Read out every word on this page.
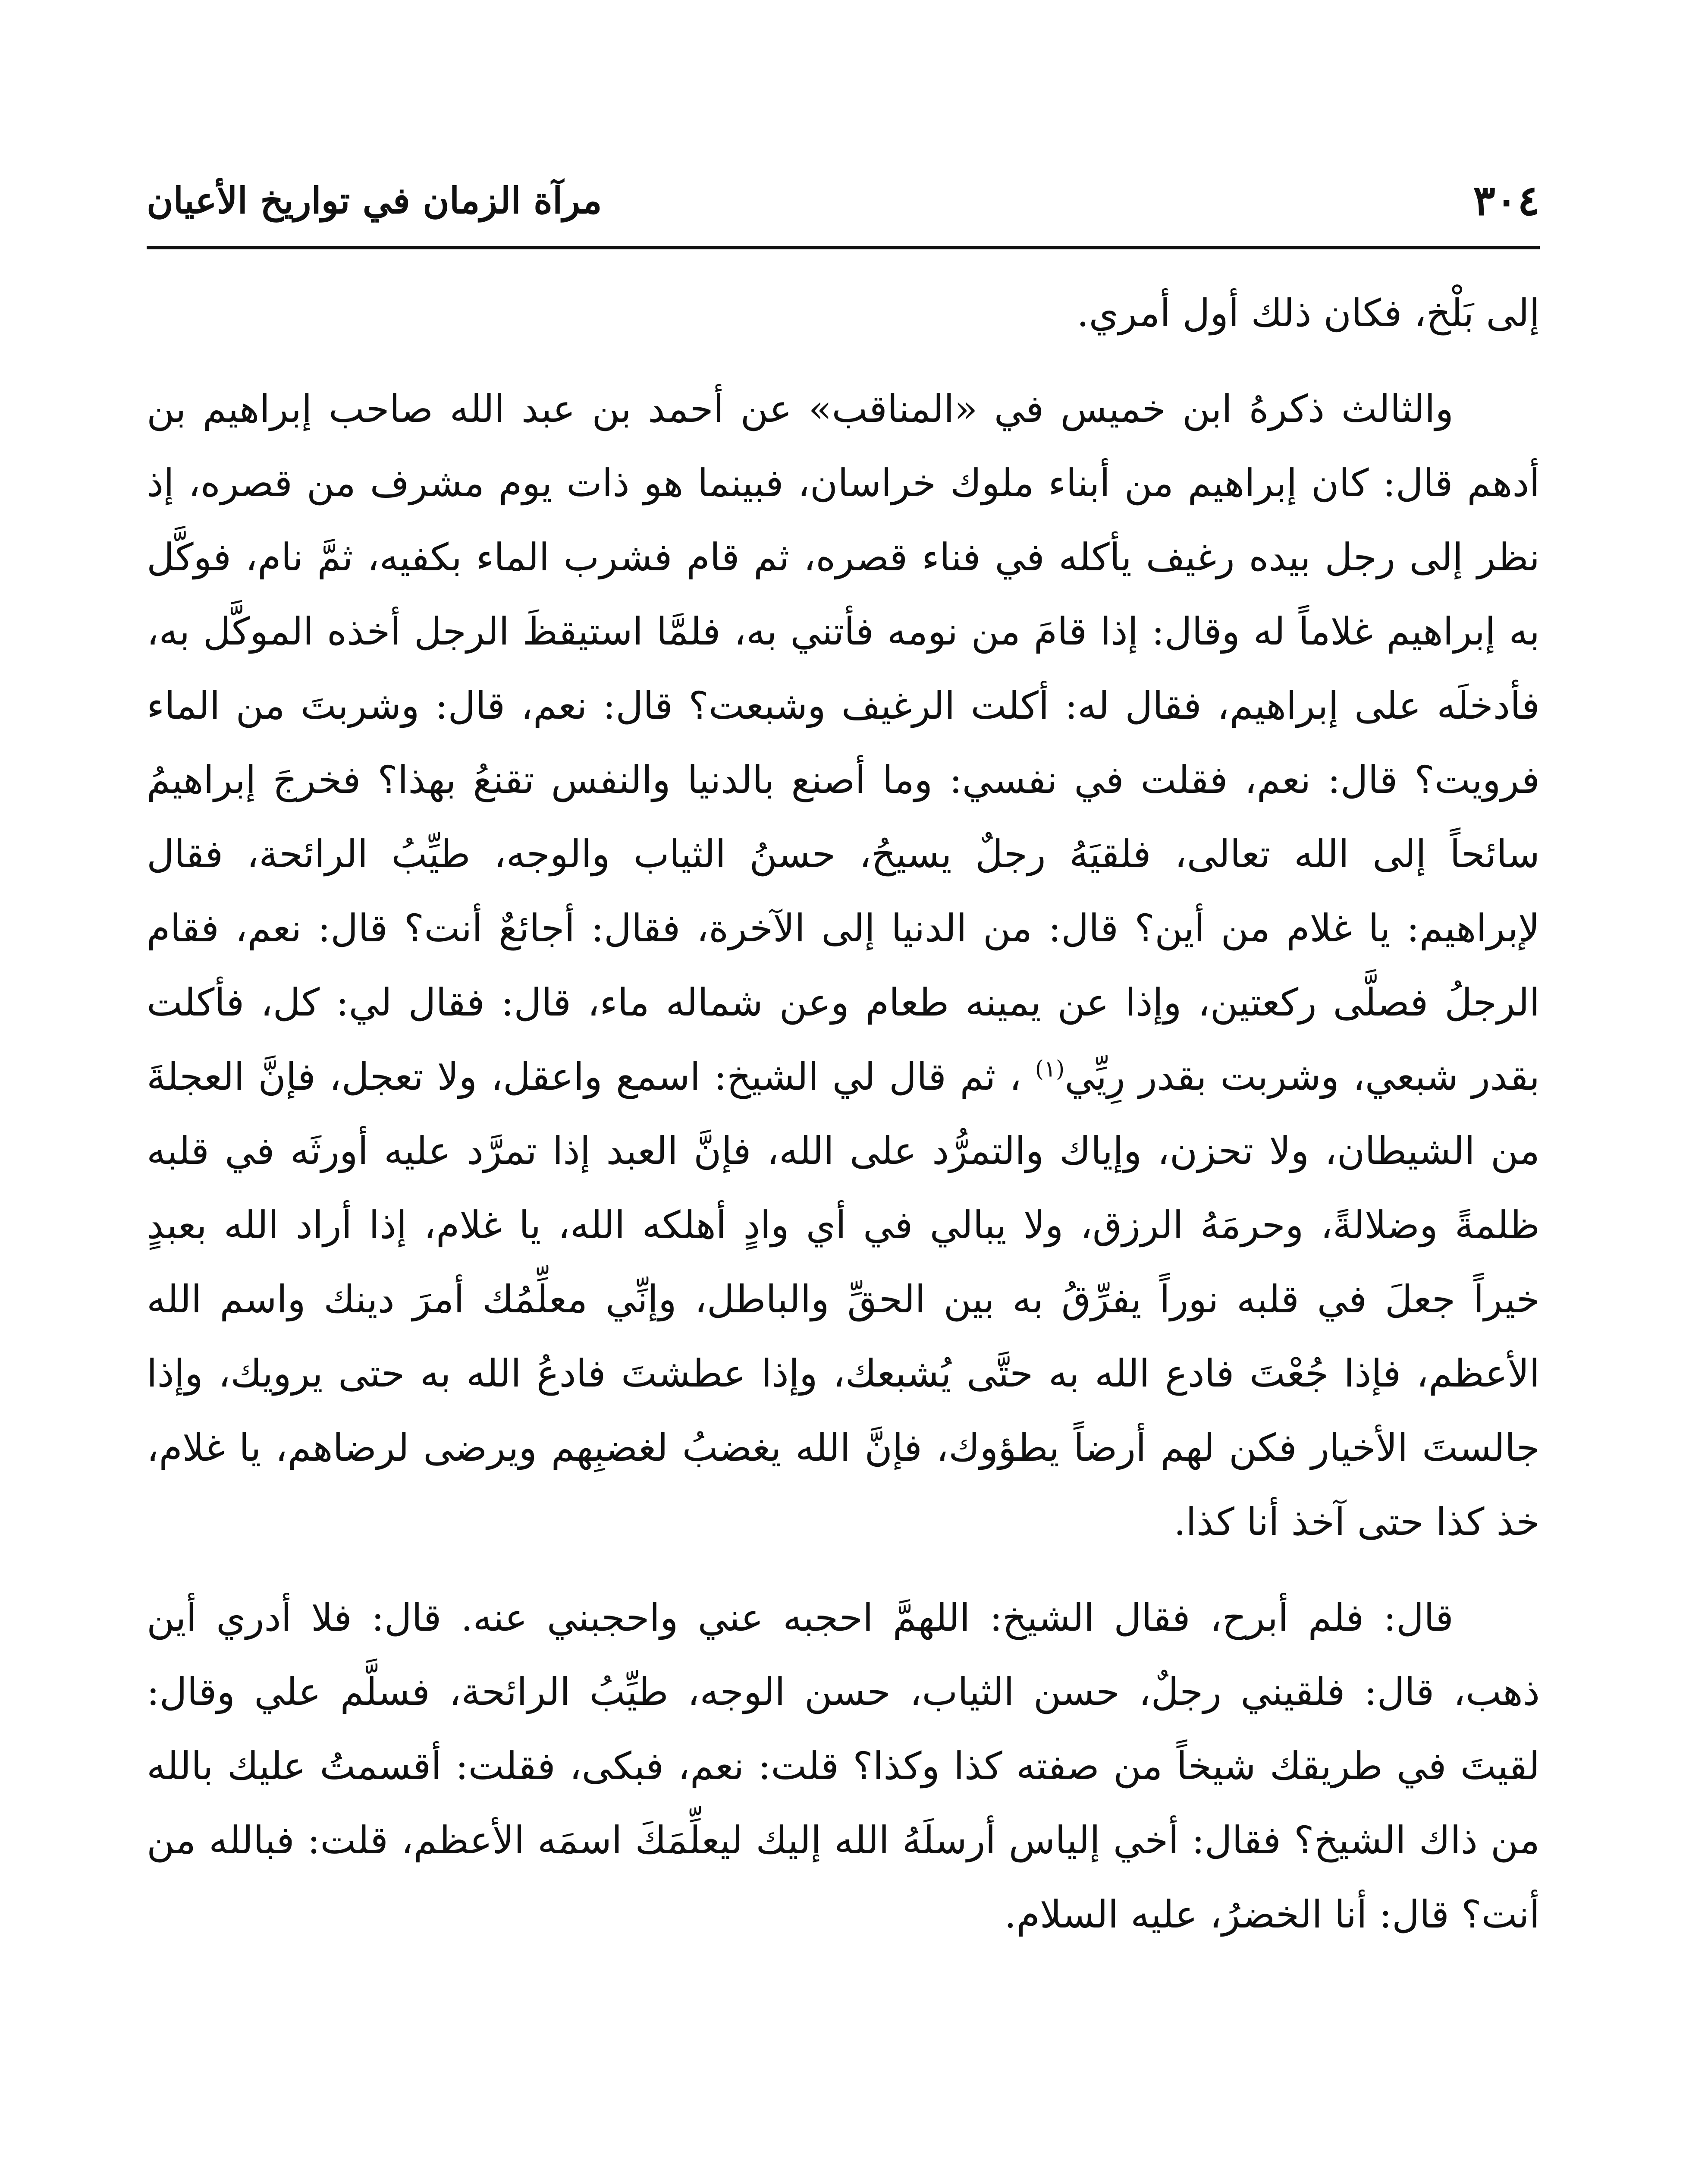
٣٠٤
مرآة الزمان في تواريخ الأعيان

إلى بَلْخ، فكان ذلك أول أمري.

والثالث ذكرهُ ابن خميس في «المناقب» عن أحمد بن عبد الله صاحب إبراهيم بن أدهم قال: كان إبراهيم من أبناء ملوك خراسان، فبينما هو ذات يوم مشرف من قصره، إذ نظر إلى رجل بيده رغيف يأكله في فناء قصره، ثم قام فشرب الماء بكفيه، ثمَّ نام، فوكَّل به إبراهيم غلاماً له وقال: إذا قامَ من نومه فأتني به، فلمَّا استيقظَ الرجل أخذه الموكَّل به، فأدخلَه على إبراهيم، فقال له: أكلت الرغيف وشبعت؟ قال: نعم، قال: وشربتَ من الماء فرويت؟ قال: نعم، فقلت في نفسي: وما أصنع بالدنيا والنفس تقنعُ بهذا؟ فخرجَ إبراهيمُ سائحاً إلى الله تعالى، فلقيَهُ رجلٌ يسيحُ، حسنُ الثياب والوجه، طيِّبُ الرائحة، فقال لإبراهيم: يا غلام من أين؟ قال: من الدنيا إلى الآخرة، فقال: أجائعٌ أنت؟ قال: نعم، فقام الرجلُ فصلَّى ركعتين، وإذا عن يمينه طعام وعن شماله ماء، قال: فقال لي: كل، فأكلت بقدر شبعي، وشربت بقدر رِيِّي$^{(١)}$ ، ثم قال لي الشيخ: اسمع واعقل، ولا تعجل، فإنَّ العجلةَ من الشيطان، ولا تحزن، وإياك والتمرُّد على الله، فإنَّ العبد إذا تمرَّد عليه أورثَه في قلبه ظلمةً وضلالةً، وحرمَهُ الرزق، ولا يبالي في أي وادٍ أهلكه الله، يا غلام، إذا أراد الله بعبدٍ خيراً جعلَ في قلبه نوراً يفرِّقُ به بين الحقِّ والباطل، وإنِّي معلِّمُك أمرَ دينك واسم الله الأعظم، فإذا جُعْتَ فادع الله به حتَّى يُشبعك، وإذا عطشتَ فادعُ الله به حتى يرويك، وإذا جالستَ الأخيار فكن لهم أرضاً يطؤوك، فإنَّ الله يغضبُ لغضبِهم ويرضى لرضاهم، يا غلام، خذ كذا حتى آخذ أنا كذا.

قال: فلم أبرح، فقال الشيخ: اللهمَّ احجبه عني واحجبني عنه. قال: فلا أدري أين ذهب، قال: فلقيني رجلٌ، حسن الثياب، حسن الوجه، طيِّبُ الرائحة، فسلَّم علي وقال: لقيتَ في طريقك شيخاً من صفته كذا وكذا؟ قلت: نعم، فبكى، فقلت: أقسمتُ عليك بالله من ذاك الشيخ؟ فقال: أخي إلياس أرسلَهُ الله إليك ليعلِّمَكَ اسمَه الأعظم، قلت: فبالله من أنت؟ قال: أنا الخضرُ، عليه السلام.
